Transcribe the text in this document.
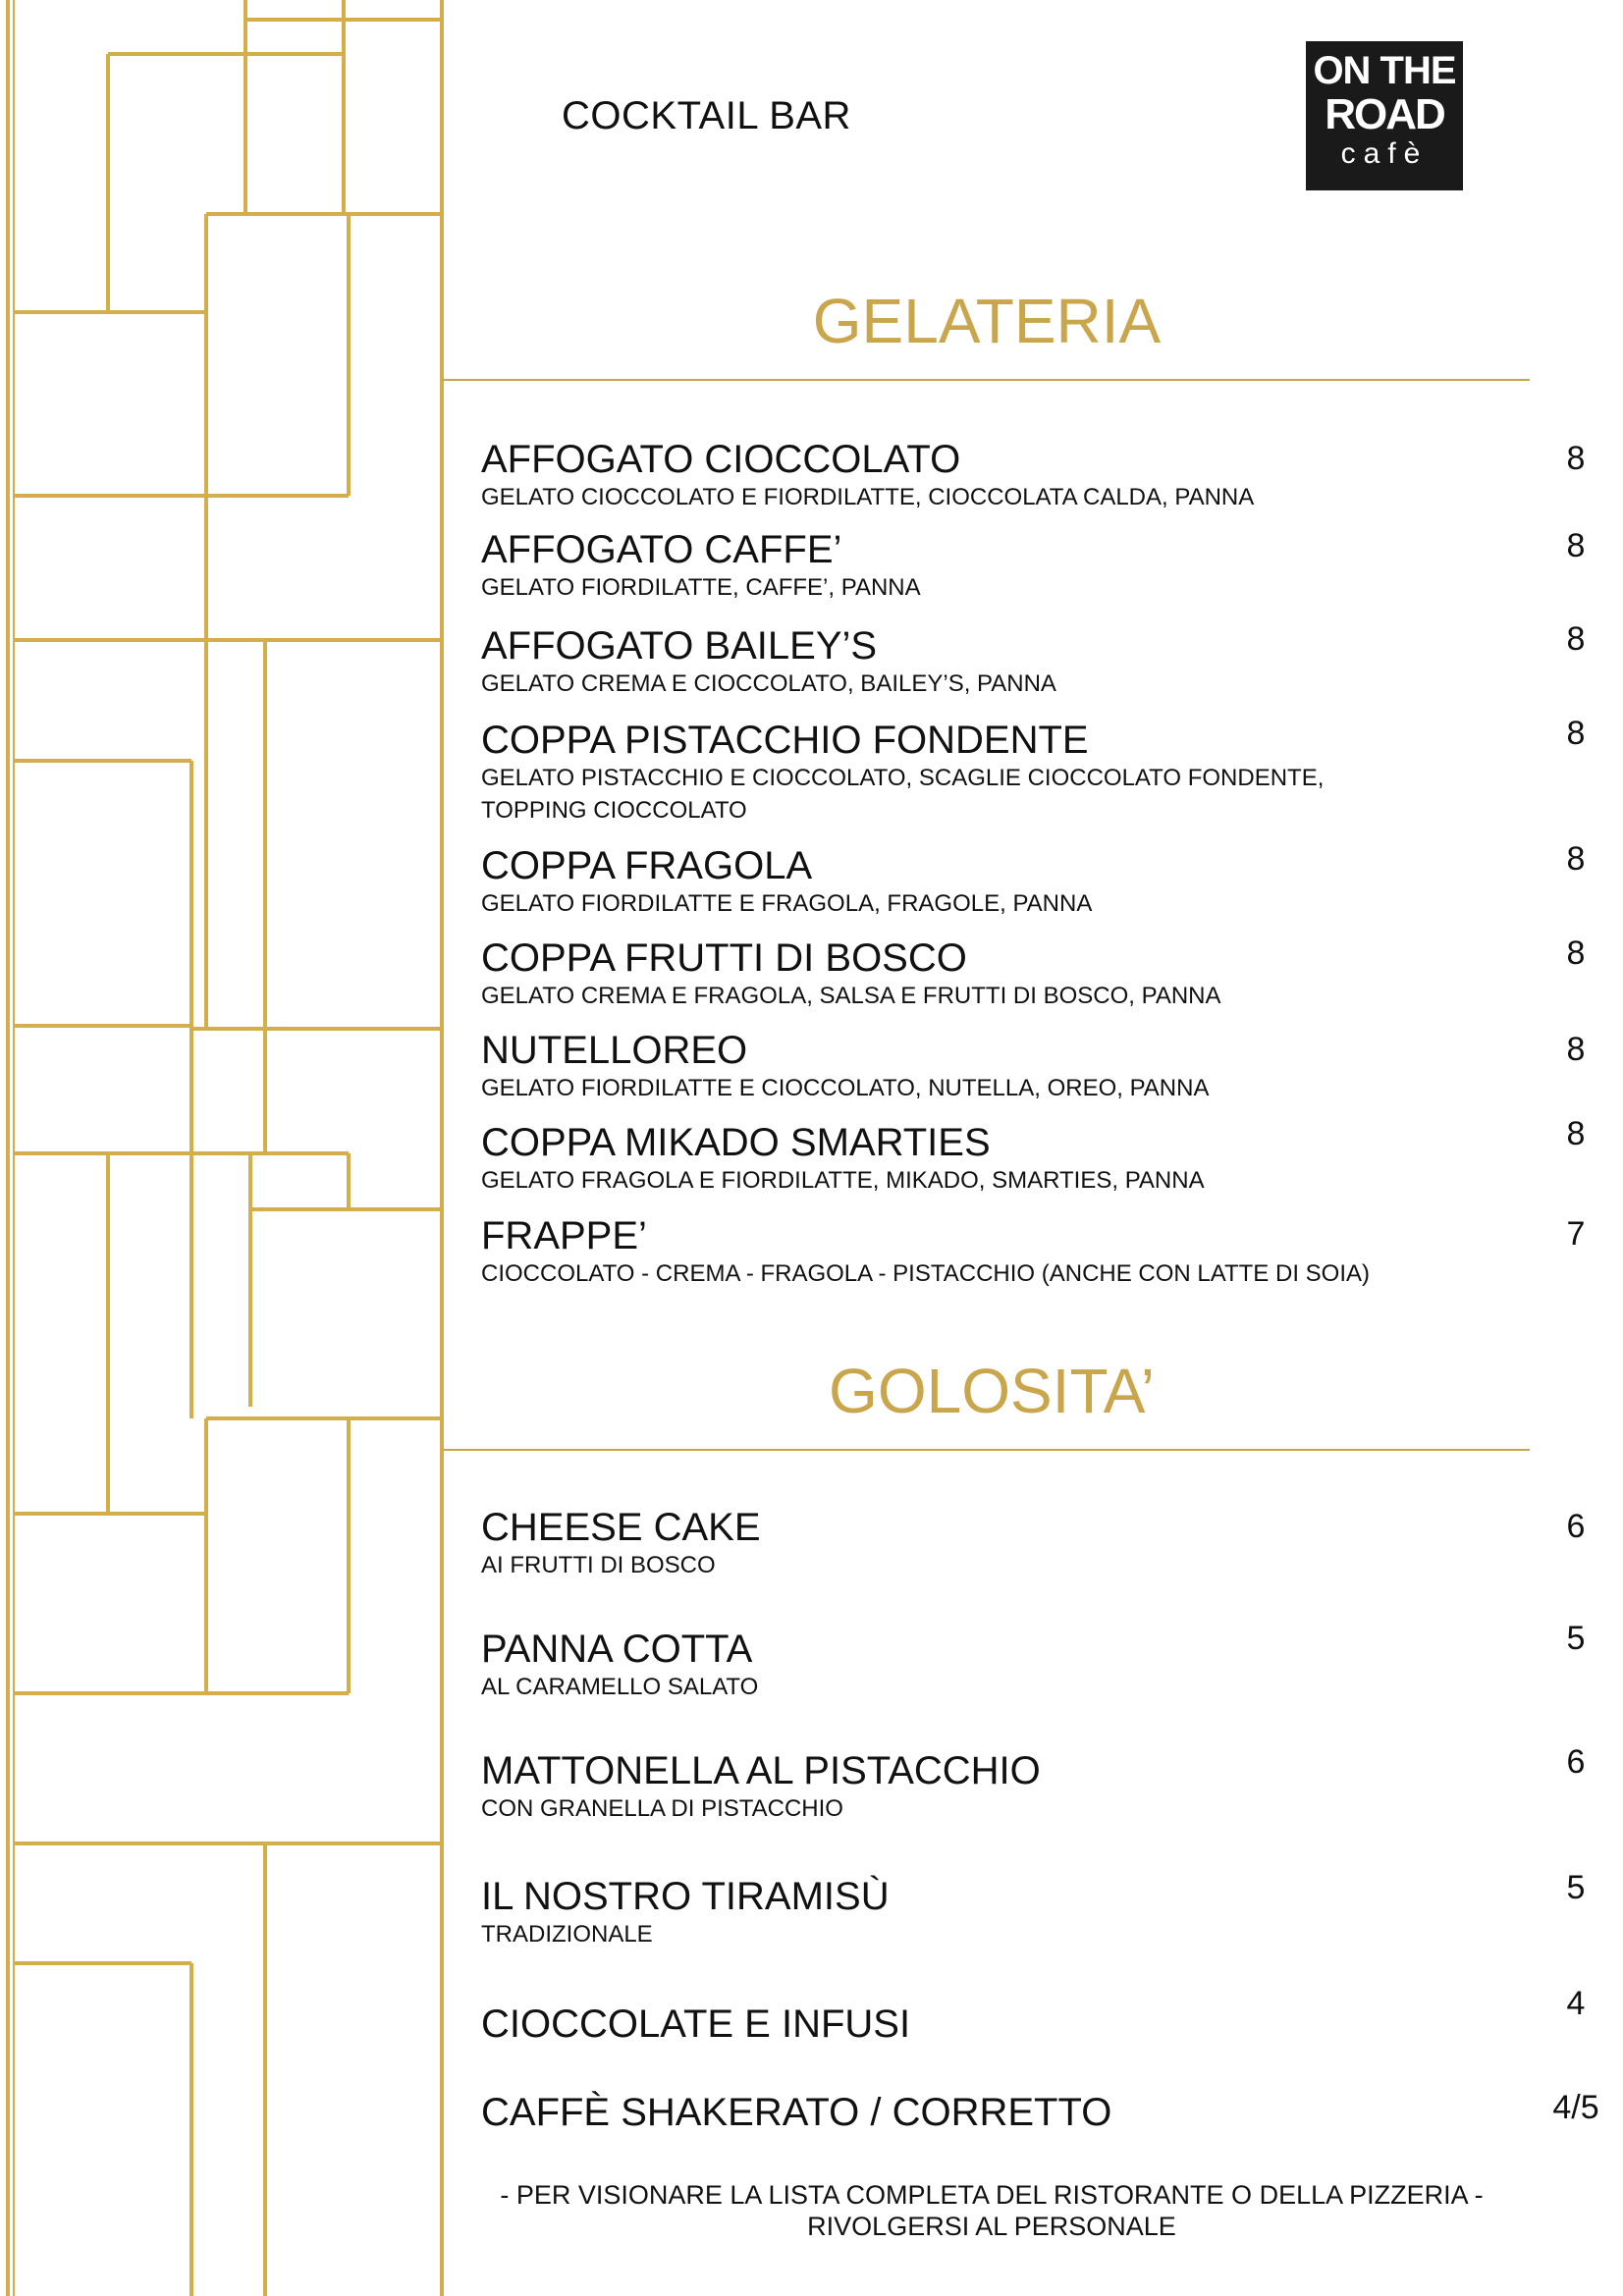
COCKTAIL BAR
ON THE
ROAD
cafè
GELATERIA
AFFOGATO CIOCCOLATO
GELATO CIOCCOLATO E FIORDILATTE, CIOCCOLATA CALDA, PANNA
8
AFFOGATO CAFFE’
GELATO FIORDILATTE, CAFFE’, PANNA
8
AFFOGATO BAILEY’S
GELATO CREMA E CIOCCOLATO, BAILEY’S, PANNA
8
COPPA PISTACCHIO FONDENTE
GELATO PISTACCHIO E CIOCCOLATO, SCAGLIE CIOCCOLATO FONDENTE, TOPPING CIOCCOLATO
8
COPPA FRAGOLA
GELATO FIORDILATTE E FRAGOLA, FRAGOLE, PANNA
8
COPPA FRUTTI DI BOSCO
GELATO CREMA E FRAGOLA, SALSA E FRUTTI DI BOSCO, PANNA
8
NUTELLOREO
GELATO FIORDILATTE E CIOCCOLATO, NUTELLA, OREO, PANNA
8
COPPA MIKADO SMARTIES
GELATO FRAGOLA E FIORDILATTE, MIKADO, SMARTIES, PANNA
8
FRAPPE’
CIOCCOLATO - CREMA - FRAGOLA - PISTACCHIO (ANCHE CON LATTE DI SOIA)
7
GOLOSITA’
CHEESE CAKE
AI FRUTTI DI BOSCO
6
PANNA COTTA
AL CARAMELLO SALATO
5
MATTONELLA AL PISTACCHIO
CON GRANELLA DI PISTACCHIO
6
IL NOSTRO TIRAMISÙ
TRADIZIONALE
5
CIOCCOLATE E INFUSI	4
CAFFÈ SHAKERATO / CORRETTO	4/5
- PER VISIONARE LA LISTA COMPLETA DEL RISTORANTE O DELLA PIZZERIA -
RIVOLGERSI AL PERSONALE
